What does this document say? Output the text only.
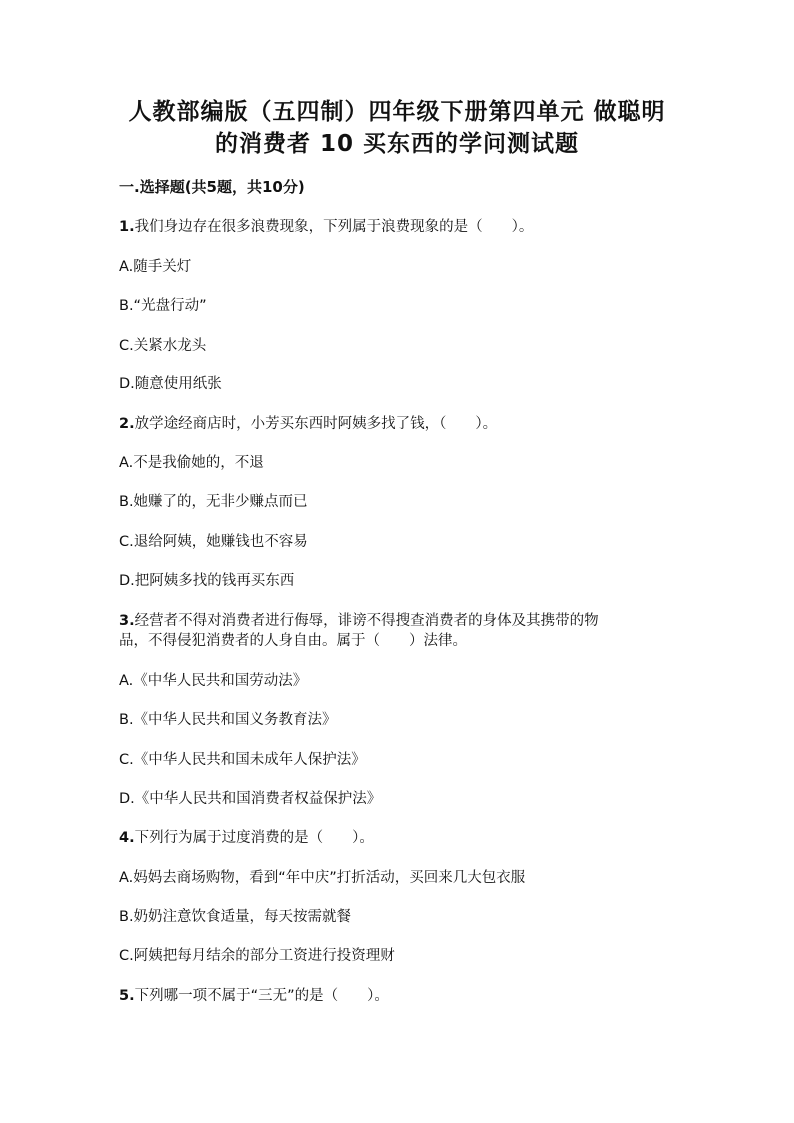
人教部编版（五四制）四年级下册第四单元 做聪明
的消费者 10 买东西的学问测试题
一.选择题(共5题，共10分)
1.我们身边存在很多浪费现象，下列属于浪费现象的是（　　）。
A.随手关灯
B.“光盘行动”
C.关紧水龙头
D.随意使用纸张
2.放学途经商店时，小芳买东西时阿姨多找了钱，（　　）。
A.不是我偷她的，不退
B.她赚了的，无非少赚点而已
C.退给阿姨，她赚钱也不容易
D.把阿姨多找的钱再买东西
3.经营者不得对消费者进行侮辱，诽谤不得搜查消费者的身体及其携带的物
品，不得侵犯消费者的人身自由。属于（　　）法律。
A.《中华人民共和国劳动法》
B.《中华人民共和国义务教育法》
C.《中华人民共和国未成年人保护法》
D.《中华人民共和国消费者权益保护法》
4.下列行为属于过度消费的是（　　）。
A.妈妈去商场购物，看到“年中庆”打折活动，买回来几大包衣服
B.奶奶注意饮食适量，每天按需就餐
C.阿姨把每月结余的部分工资进行投资理财
5.下列哪一项不属于“三无”的是（　　）。
